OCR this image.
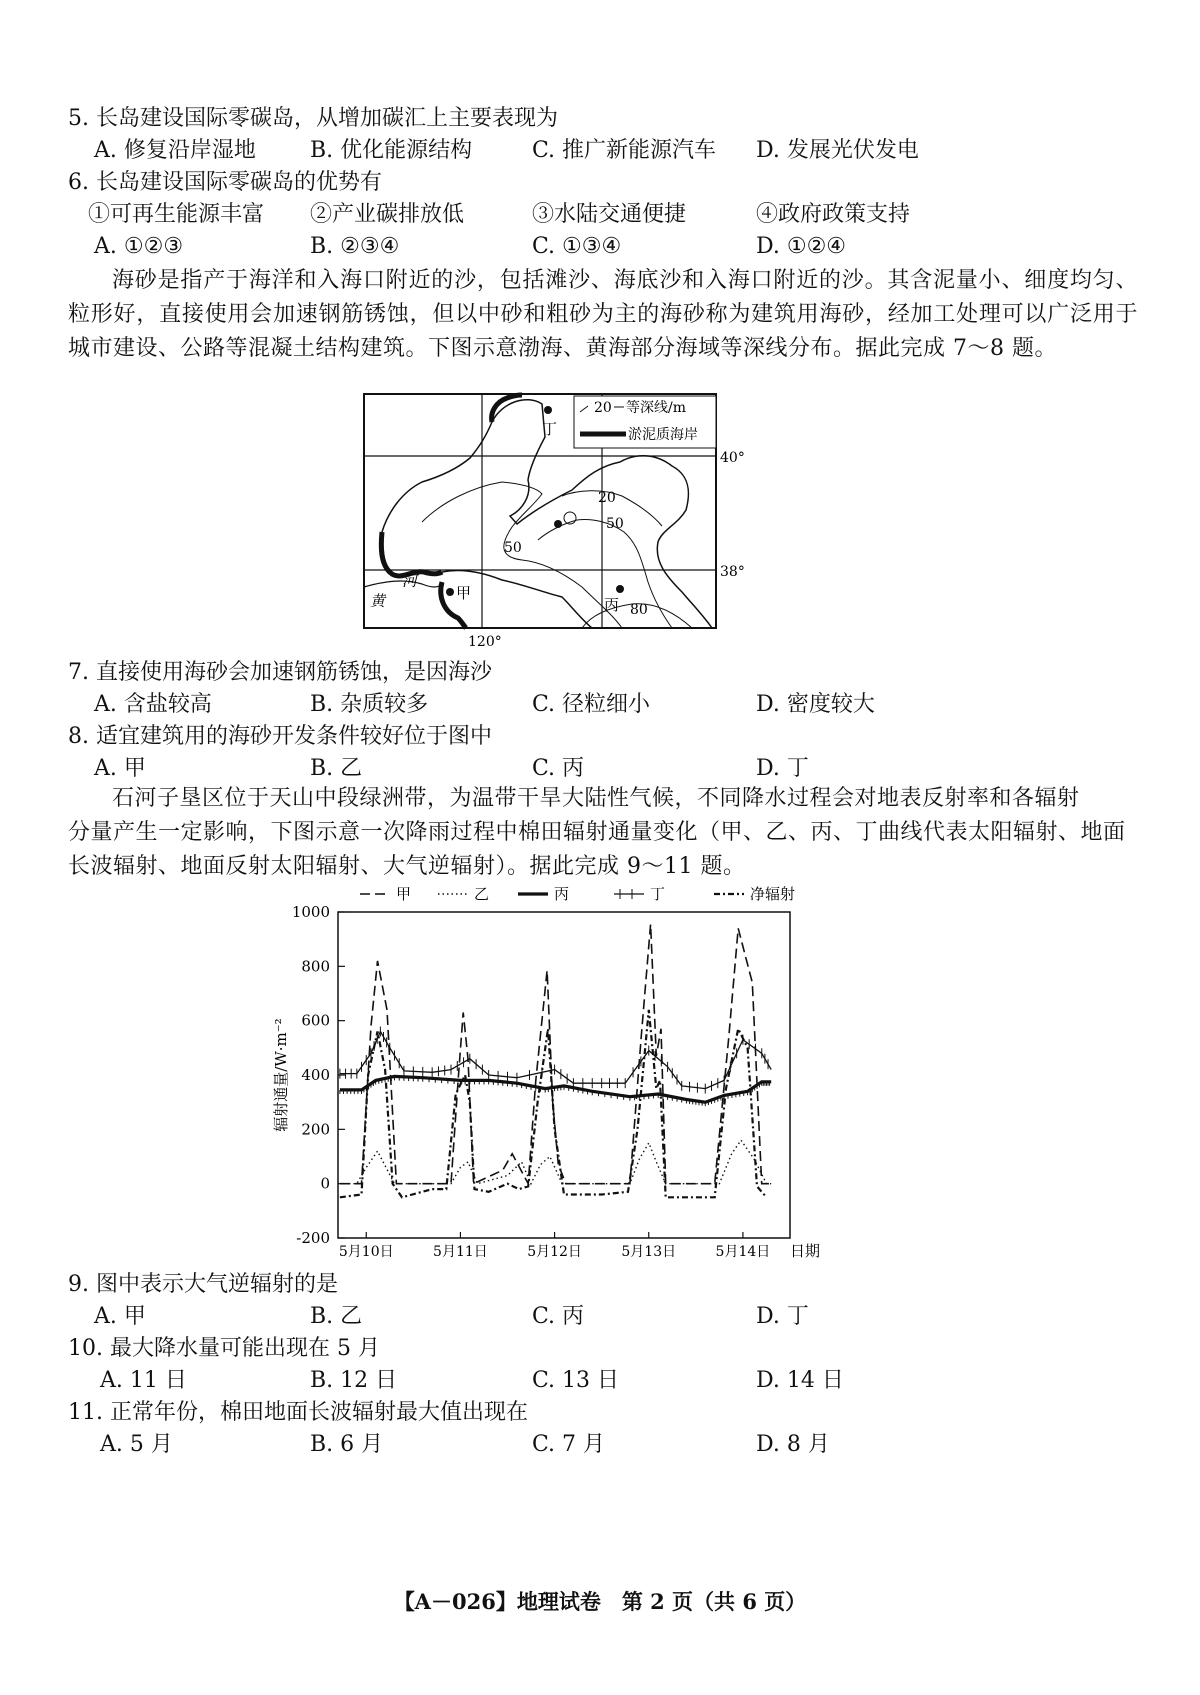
5. 长岛建设国际零碳岛，从增加碳汇上主要表现为
A. 修复沿岸湿地 B. 优化能源结构	C. 推广新能源汽车 D. 发展光伏发电
6. 长岛建设国际零碳岛的优势有
①可再生能源丰富 ②产业碳排放低	③水陆交通便捷	④政府政策支持
A. ①②③	B. ②③④	C. ①③④	D. ①②④
海砂是指产于海洋和入海口附近的沙，包括滩沙、海底沙和入海口附近的沙。其含泥量小、细度均匀、粒形好，直接使用会加速钢筋锈蚀，但以中砂和粗砂为主的海砂称为建筑用海砂，经加工处理可以广泛用于城市建设、公路等混凝土结构建筑。下图示意渤海、黄海部分海域等深线分布。据此完成 7～8 题。
黄
河
甲
丙
丁
20
50
50
80
20 等深线/m
淤泥质海岸
40°
38°
120°
7. 直接使用海砂会加速钢筋锈蚀，是因海沙
A. 含盐较高	B. 杂质较多	C. 径粒细小	D. 密度较大
8. 适宜建筑用的海砂开发条件较好位于图中
A. 甲	B. 乙	C. 丙	D. 丁
石河子垦区位于天山中段绿洲带，为温带干旱大陆性气候，不同降水过程会对地表反射率和各辐射
分量产生一定影响，下图示意一次降雨过程中棉田辐射通量变化（甲、乙、丙、丁曲线代表太阳辐射、地面
长波辐射、地面反射太阳辐射、大气逆辐射）。据此完成 9～11 题。
甲	乙	丙	丁	净辐射
-200
0
200
400
600
800
1000
5月10日	5月11日	5月12日	5月13日	5月14日
辐射通量/W·m⁻²
日期
9. 图中表示大气逆辐射的是
A. 甲	B. 乙	C. 丙	D. 丁
10. 最大降水量可能出现在 5 月
A. 11 日	B. 12 日	C. 13 日	D. 14 日
11. 正常年份，棉田地面长波辐射最大值出现在
A. 5 月	B. 6 月	C. 7 月	D. 8 月
【A－026】地理试卷　第 2 页（共 6 页）
